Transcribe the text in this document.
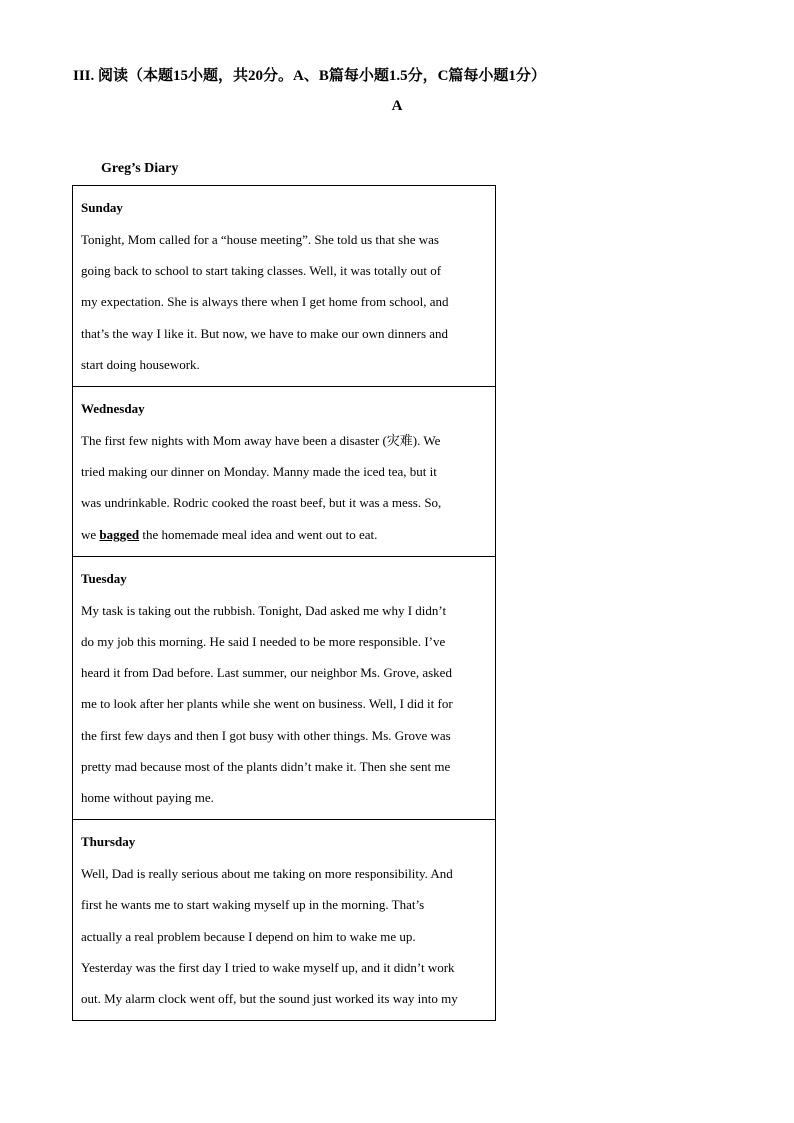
III. 阅读（本题15小题，共20分。A、B篇每小题1.5分，C篇每小题1分）
A
Greg’s Diary
Sunday
Tonight, Mom called for a “house meeting”. She told us that she was
going back to school to start taking classes. Well, it was totally out of
my expectation. She is always there when I get home from school, and
that’s the way I like it. But now, we have to make our own dinners and
start doing housework.

Wednesday
The first few nights with Mom away have been a disaster (灾难). We
tried making our dinner on Monday. Manny made the iced tea, but it
was undrinkable. Rodric cooked the roast beef, but it was a mess. So,
we bagged the homemade meal idea and went out to eat.

Tuesday
My task is taking out the rubbish. Tonight, Dad asked me why I didn’t
do my job this morning. He said I needed to be more responsible. I’ve
heard it from Dad before. Last summer, our neighbor Ms. Grove, asked
me to look after her plants while she went on business. Well, I did it for
the first few days and then I got busy with other things. Ms. Grove was
pretty mad because most of the plants didn’t make it. Then she sent me
home without paying me.

Thursday
Well, Dad is really serious about me taking on more responsibility. And
first he wants me to start waking myself up in the morning. That’s
actually a real problem because I depend on him to wake me up.
Yesterday was the first day I tried to wake myself up, and it didn’t work
out. My alarm clock went off, but the sound just worked its way into my
